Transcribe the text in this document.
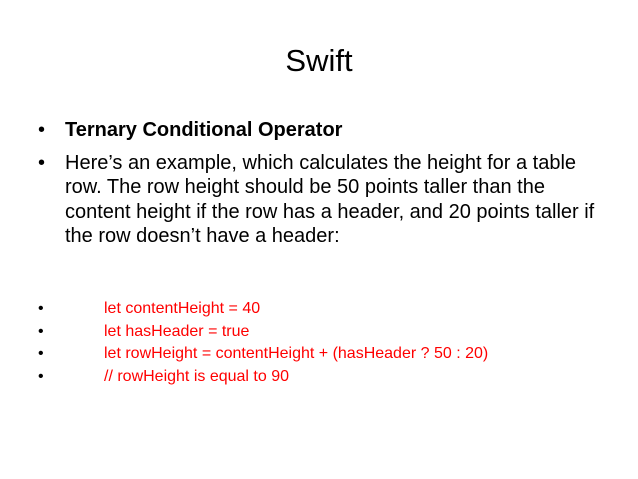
Swift
• Ternary Conditional Operator
• Here’s an example, which calculates the height for a table row. The row height should be 50 points taller than the content height if the row has a header, and 20 points taller if the row doesn’t have a header:
•	let contentHeight = 40
•	let hasHeader = true
•	let rowHeight = contentHeight + (hasHeader ? 50 : 20)
•	// rowHeight is equal to 90
